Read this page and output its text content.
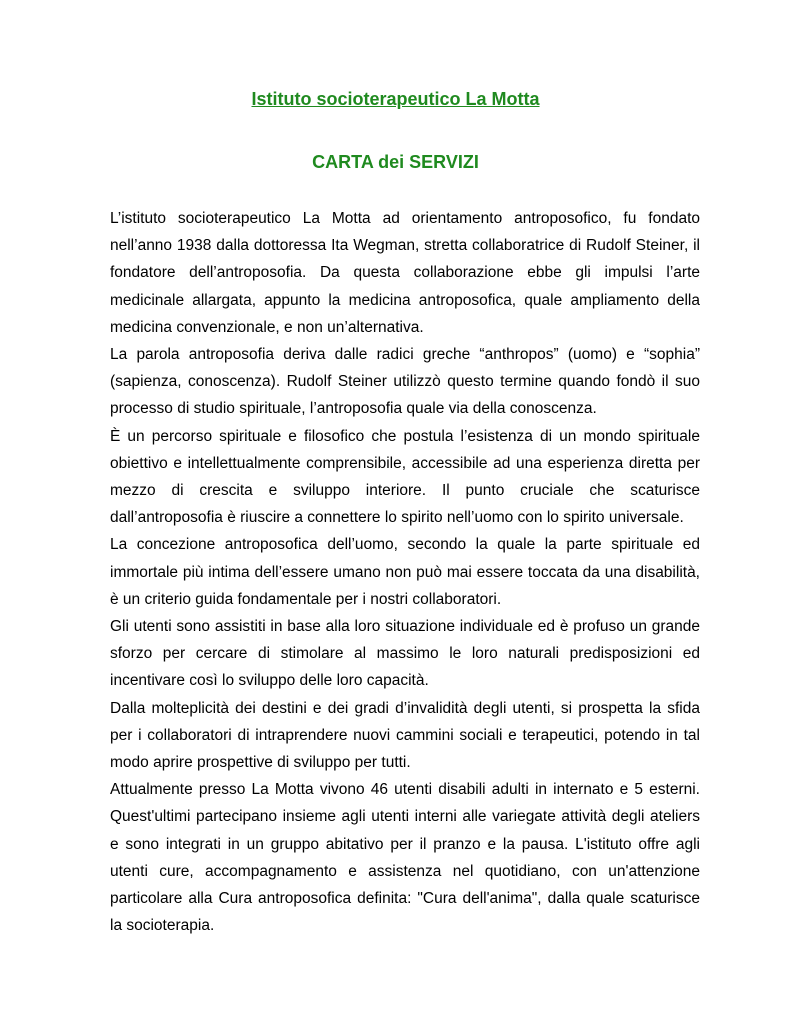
Istituto socioterapeutico La Motta
CARTA dei SERVIZI

L’istituto socioterapeutico La Motta ad orientamento antroposofico, fu fondato nell’anno 1938 dalla dottoressa Ita Wegman, stretta collaboratrice di Rudolf Steiner, il fondatore dell’antroposofia. Da questa collaborazione ebbe gli impulsi l’arte medicinale allargata, appunto la medicina antroposofica, quale ampliamento della medicina convenzionale, e non un’alternativa.

La parola antroposofia deriva dalle radici greche “anthropos” (uomo) e “sophia” (sapienza, conoscenza). Rudolf Steiner utilizzò questo termine quando fondò il suo processo di studio spirituale, l’antroposofia quale via della conoscenza.

È un percorso spirituale e filosofico che postula l’esistenza di un mondo spirituale obiettivo e intellettualmente comprensibile, accessibile ad una esperienza diretta per mezzo di crescita e sviluppo interiore. Il punto cruciale che scaturisce dall’antroposofia è riuscire a connettere lo spirito nell’uomo con lo spirito universale.

La concezione antroposofica dell’uomo, secondo la quale la parte spirituale ed immortale più intima dell’essere umano non può mai essere toccata da una disabilità, è un criterio guida fondamentale per i nostri collaboratori.

Gli utenti sono assistiti in base alla loro situazione individuale ed è profuso un grande sforzo per cercare di stimolare al massimo le loro naturali predisposizioni ed incentivare così lo sviluppo delle loro capacità.

Dalla molteplicità dei destini e dei gradi d’invalidità degli utenti, si prospetta la sfida per i collaboratori di intraprendere nuovi cammini sociali e terapeutici, potendo in tal modo aprire prospettive di sviluppo per tutti.

Attualmente presso La Motta vivono 46 utenti disabili adulti in internato e 5 esterni. Quest'ultimi partecipano insieme agli utenti interni alle variegate attività degli ateliers e sono integrati in un gruppo abitativo per il pranzo e la pausa. L'istituto offre agli utenti cure, accompagnamento e assistenza nel quotidiano, con un'attenzione particolare alla Cura antroposofica definita: "Cura dell'anima", dalla quale scaturisce la socioterapia.
